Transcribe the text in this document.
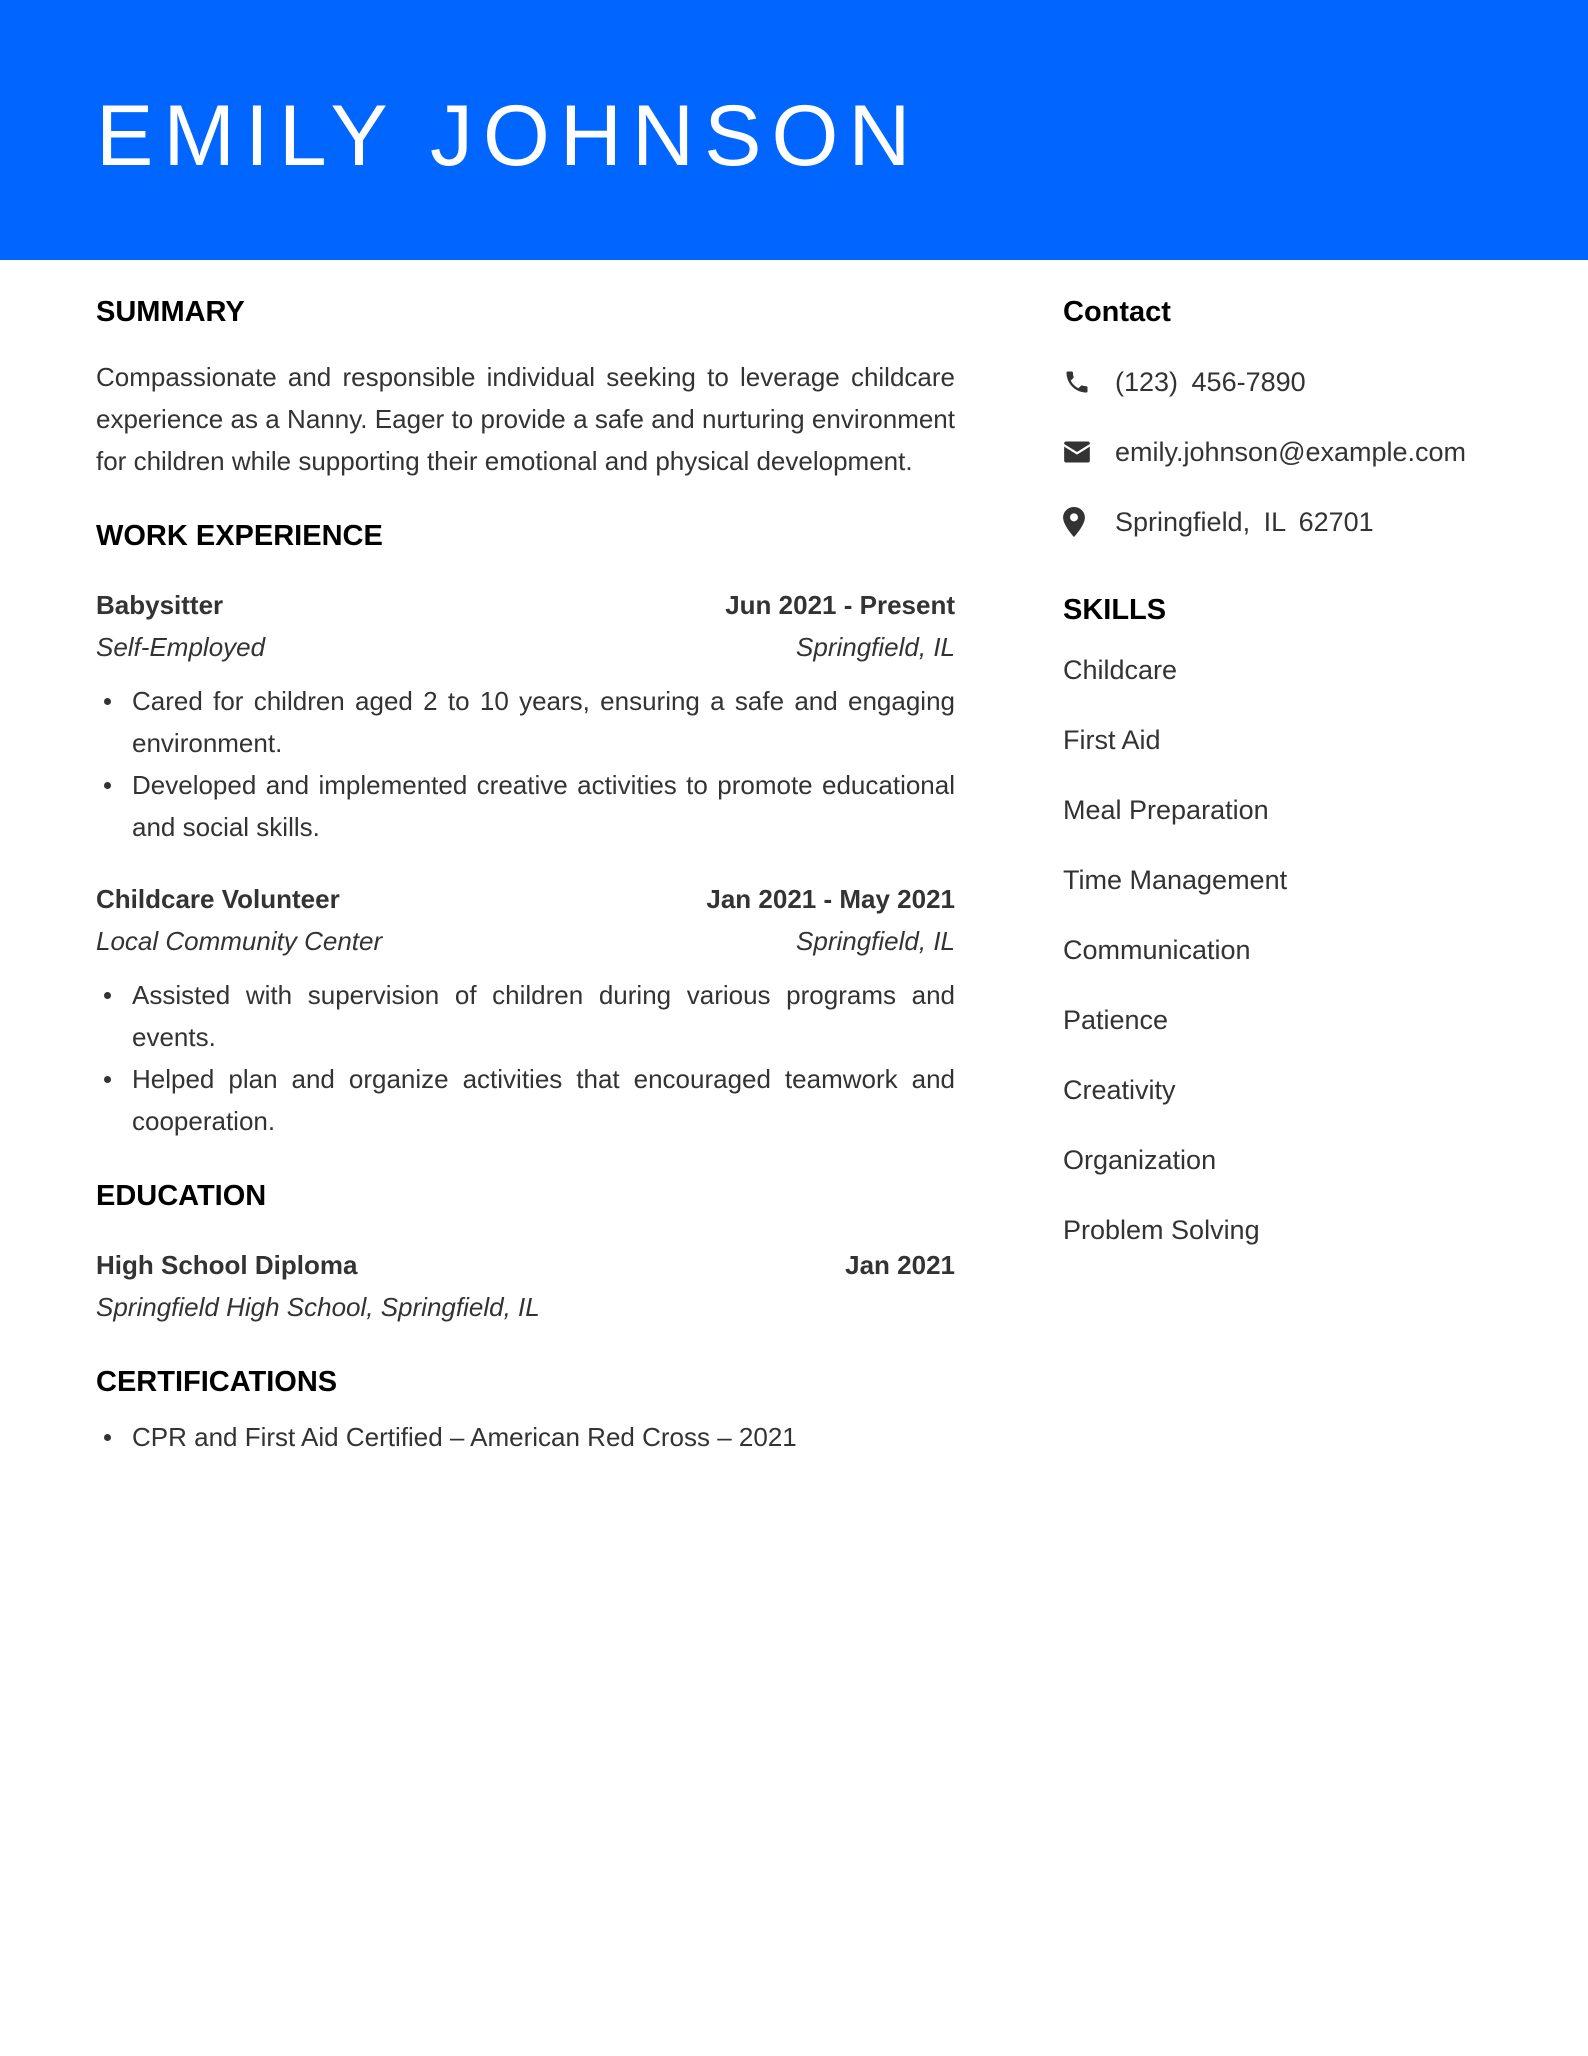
EMILY JOHNSON
SUMMARY

Compassionate and responsible individual seeking to leverage childcare experience as a Nanny. Eager to provide a safe and nurturing environment for children while supporting their emotional and physical development.

WORK EXPERIENCE
Babysitter	Jun 2021 - Present
Self-Employed	Springfield, IL
Cared for children aged 2 to 10 years, ensuring a safe and engaging environment.
Developed and implemented creative activities to promote educational and social skills.
Childcare Volunteer	Jan 2021 - May 2021
Local Community Center	Springfield, IL
Assisted with supervision of children during various programs and events.
Helped plan and organize activities that encouraged teamwork and cooperation.
EDUCATION
High School Diploma	Jan 2021
Springfield High School, Springfield, IL
CERTIFICATIONS
CPR and First Aid Certified – American Red Cross – 2021
Contact
(123) 456-7890
emily.johnson@example.com
Springfield, IL 62701
SKILLS
Childcare
First Aid
Meal Preparation
Time Management
Communication
Patience
Creativity
Organization
Problem Solving
